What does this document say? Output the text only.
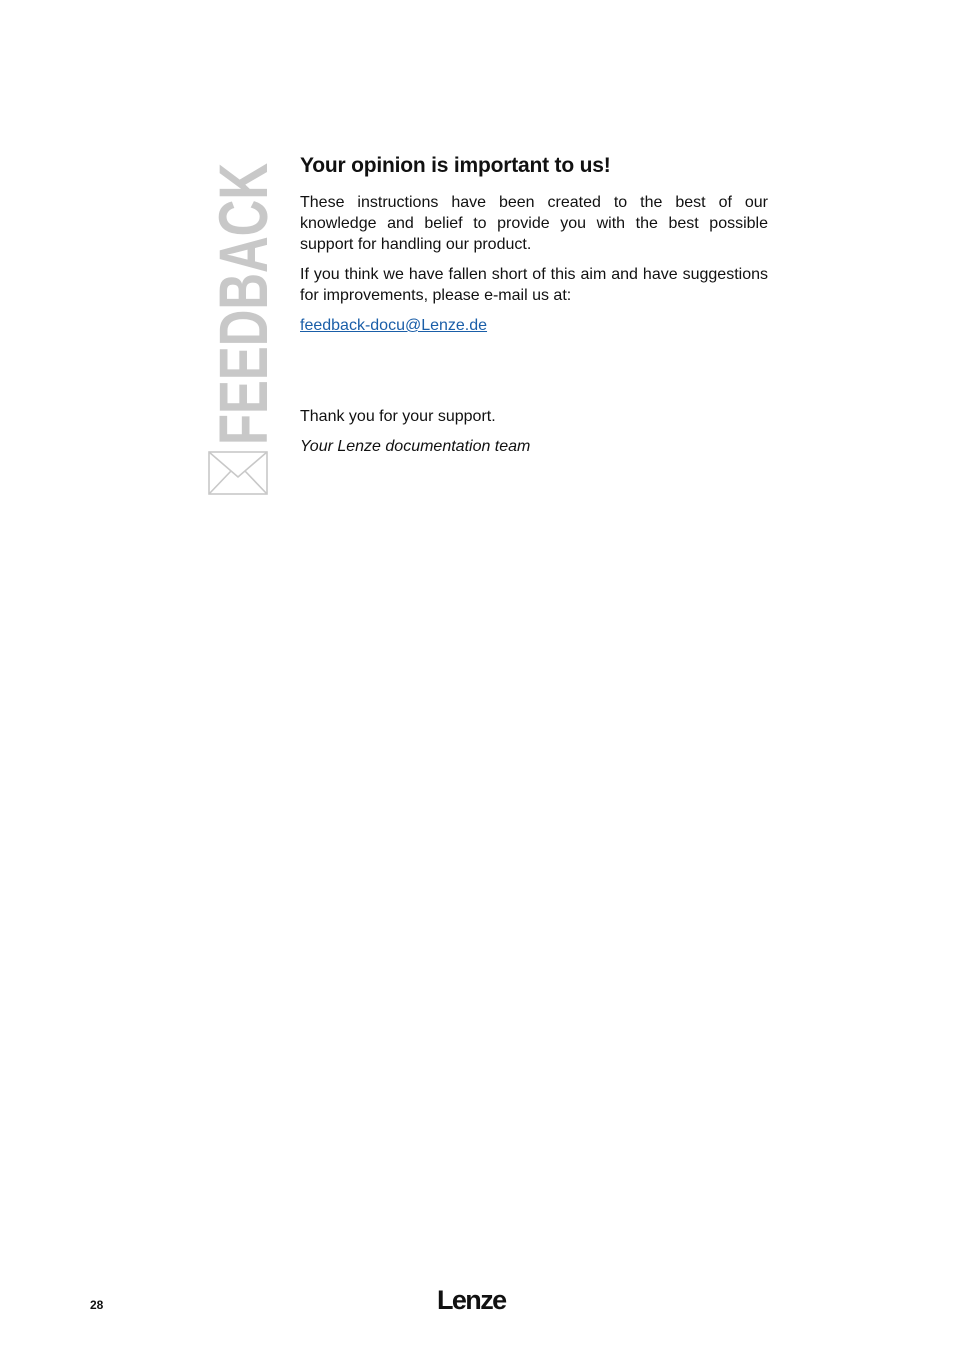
FEEDBACK Your opinion is important to us!

These instructions have been created to the best of our knowledge and belief to provide you with the best possible support for handling our product.

If you think we have fallen short of this aim and have suggestions for improvements, please e-mail us at:

feedback-docu@Lenze.de

Thank you for your support.

Your Lenze documentation team

28	Lenze
